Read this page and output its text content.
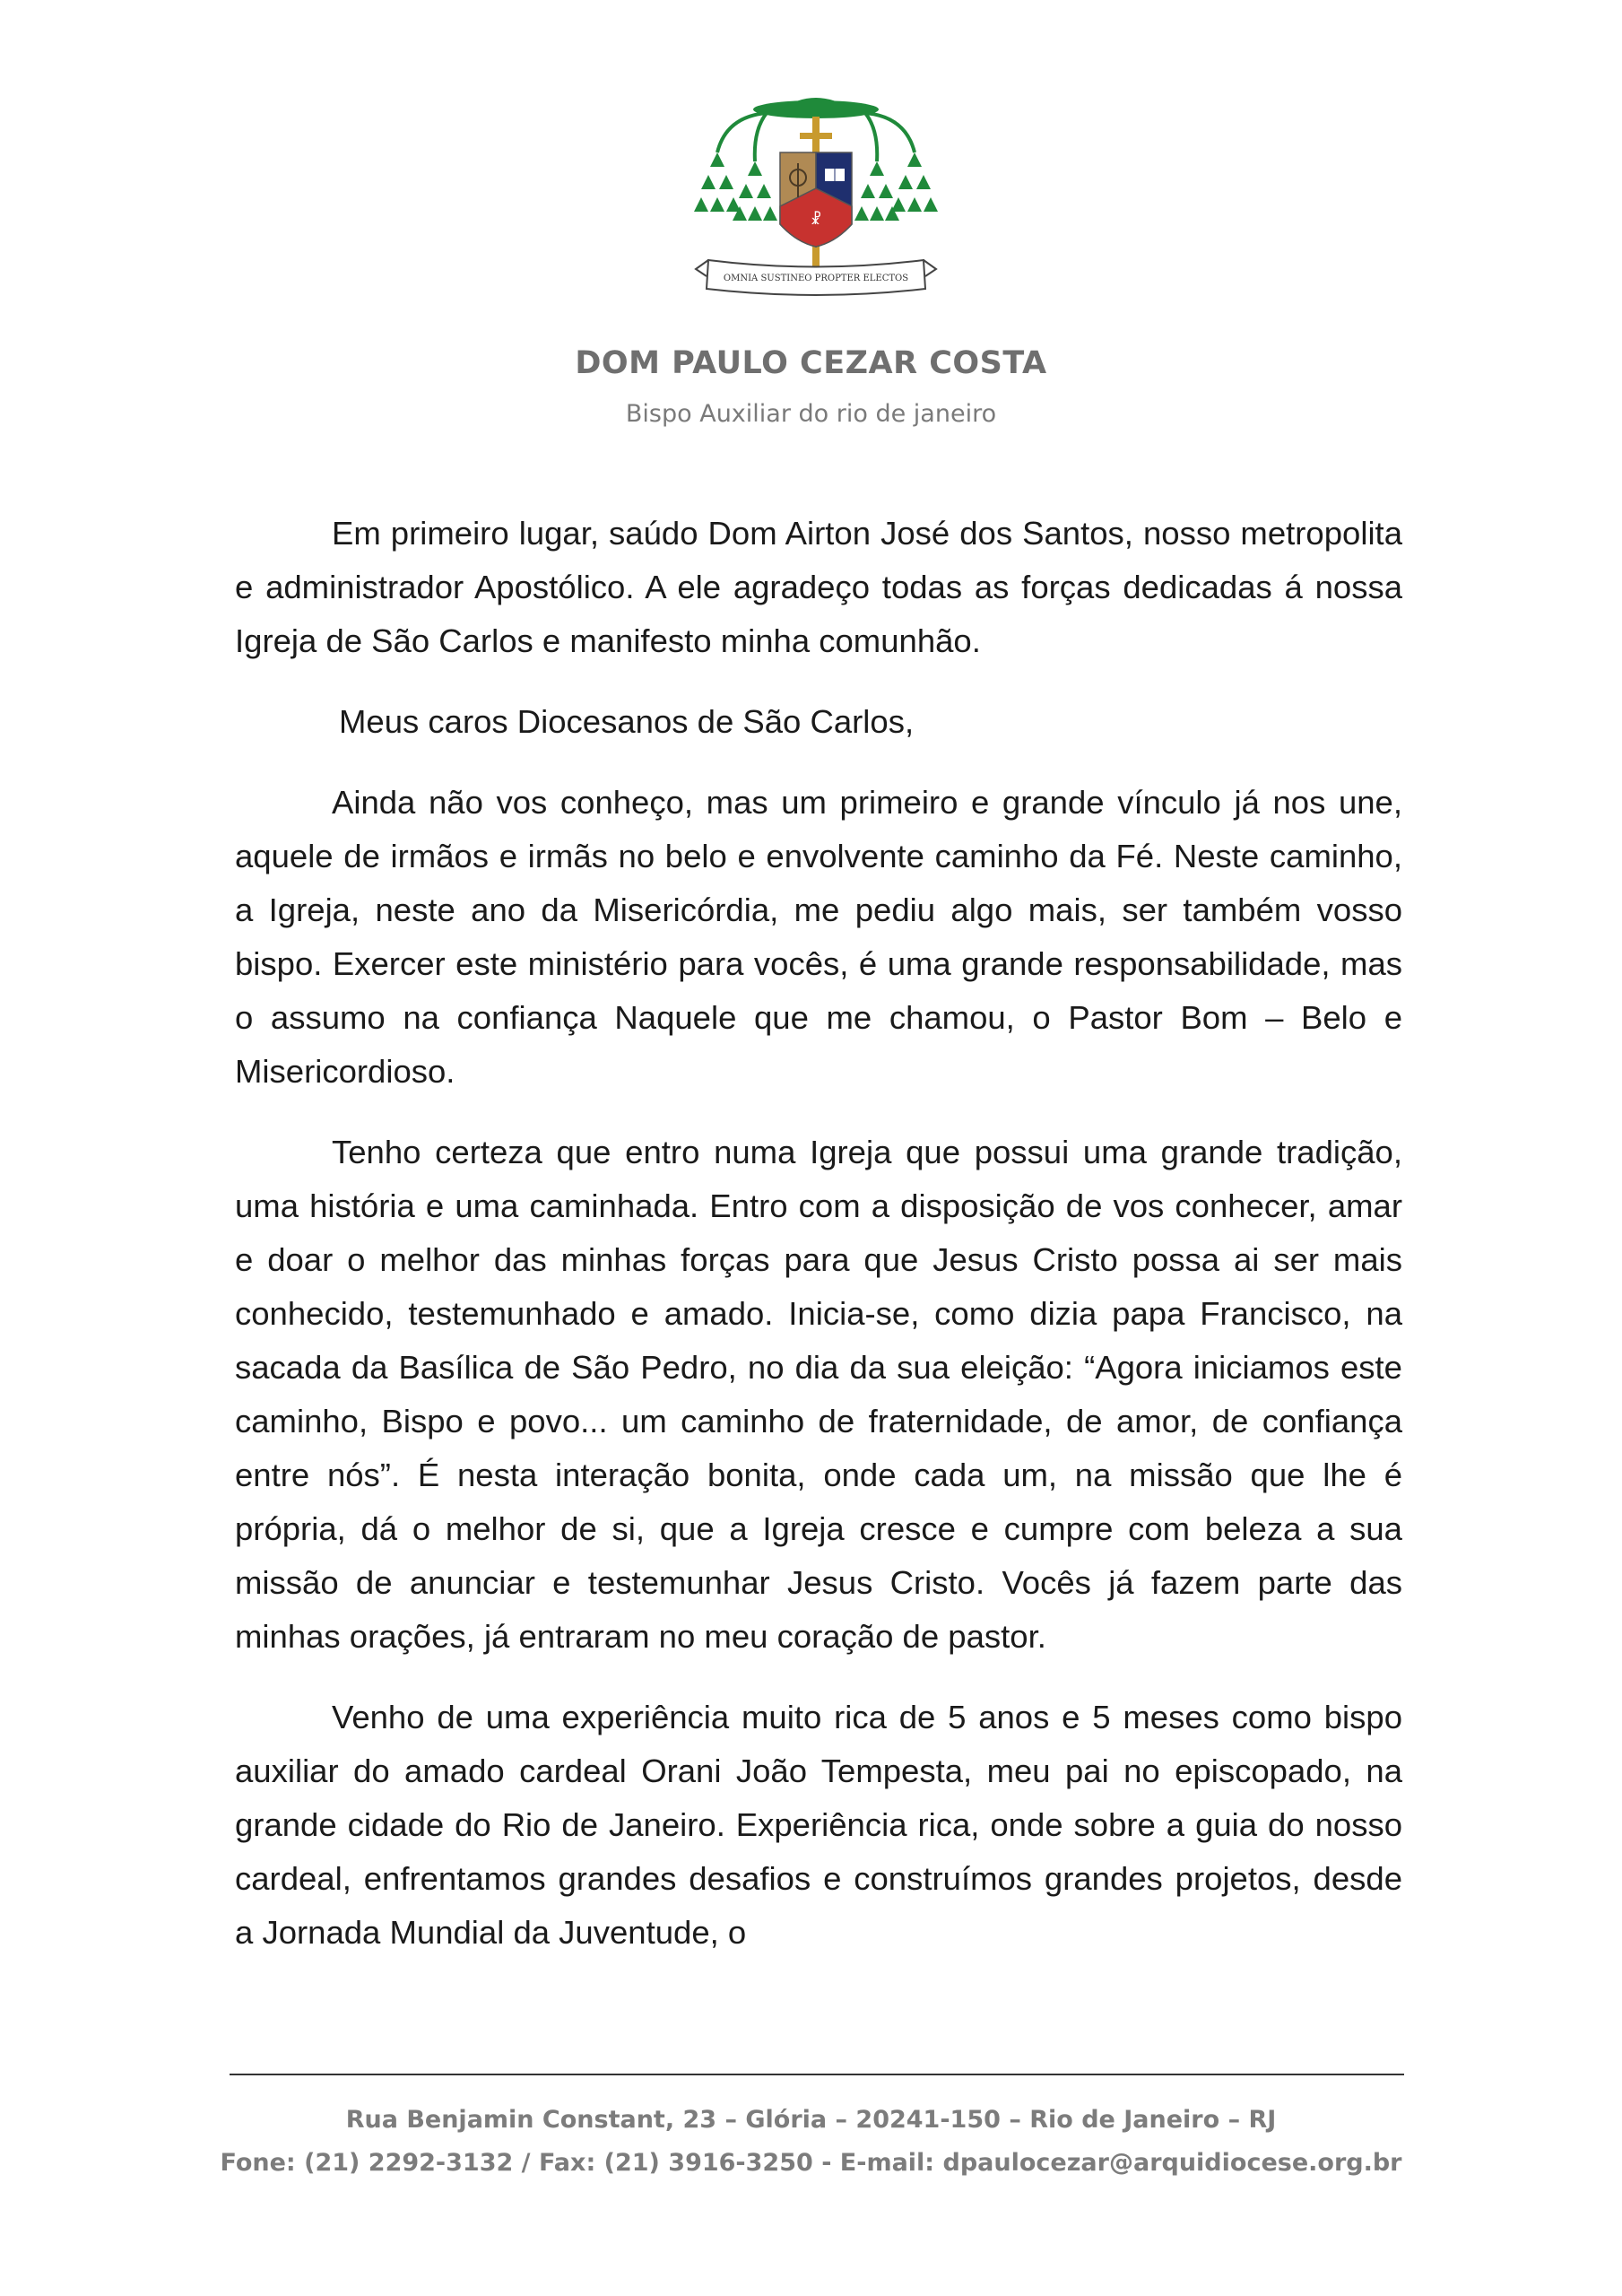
☧
OMNIA SUSTINEO PROPTER ELECTOS
DOM PAULO CEZAR COSTA
Bispo Auxiliar do rio de janeiro

Em primeiro lugar, saúdo Dom Airton José dos Santos, nosso metropolita e administrador Apostólico. A ele agradeço todas as forças dedicadas á nossa Igreja de São Carlos e manifesto minha comunhão.

Meus caros Diocesanos de São Carlos,

Ainda não vos conheço, mas um primeiro e grande vínculo já nos une, aquele de irmãos e irmãs no belo e envolvente caminho da Fé. Neste caminho, a Igreja, neste ano da Misericórdia, me pediu algo mais, ser também vosso bispo. Exercer este ministério para vocês, é uma grande responsabilidade, mas o assumo na confiança Naquele que me chamou, o Pastor Bom – Belo e Misericordioso.

Tenho certeza que entro numa Igreja que possui uma grande tradição, uma história e uma caminhada. Entro com a disposição de vos conhecer, amar e doar o melhor das minhas forças para que Jesus Cristo possa ai ser mais conhecido, testemunhado e amado. Inicia-se, como dizia papa Francisco, na sacada da Basílica de São Pedro, no dia da sua eleição: “Agora iniciamos este caminho, Bispo e povo... um caminho de fraternidade, de amor, de confiança entre nós”. É nesta interação bonita, onde cada um, na missão que lhe é própria, dá o melhor de si, que a Igreja cresce e cumpre com beleza a sua missão de anunciar e testemunhar Jesus Cristo. Vocês já fazem parte das minhas orações, já entraram no meu coração de pastor.

Venho de uma experiência muito rica de 5 anos e 5 meses como bispo auxiliar do amado cardeal Orani João Tempesta, meu pai no episcopado, na grande cidade do Rio de Janeiro. Experiência rica, onde sobre a guia do nosso cardeal, enfrentamos grandes desafios e construímos grandes projetos, desde a Jornada Mundial da Juventude, o

Rua Benjamin Constant, 23 – Glória – 20241-150 – Rio de Janeiro – RJ
Fone: (21) 2292-3132 / Fax: (21) 3916-3250 - E-mail: dpaulocezar@arquidiocese.org.br
